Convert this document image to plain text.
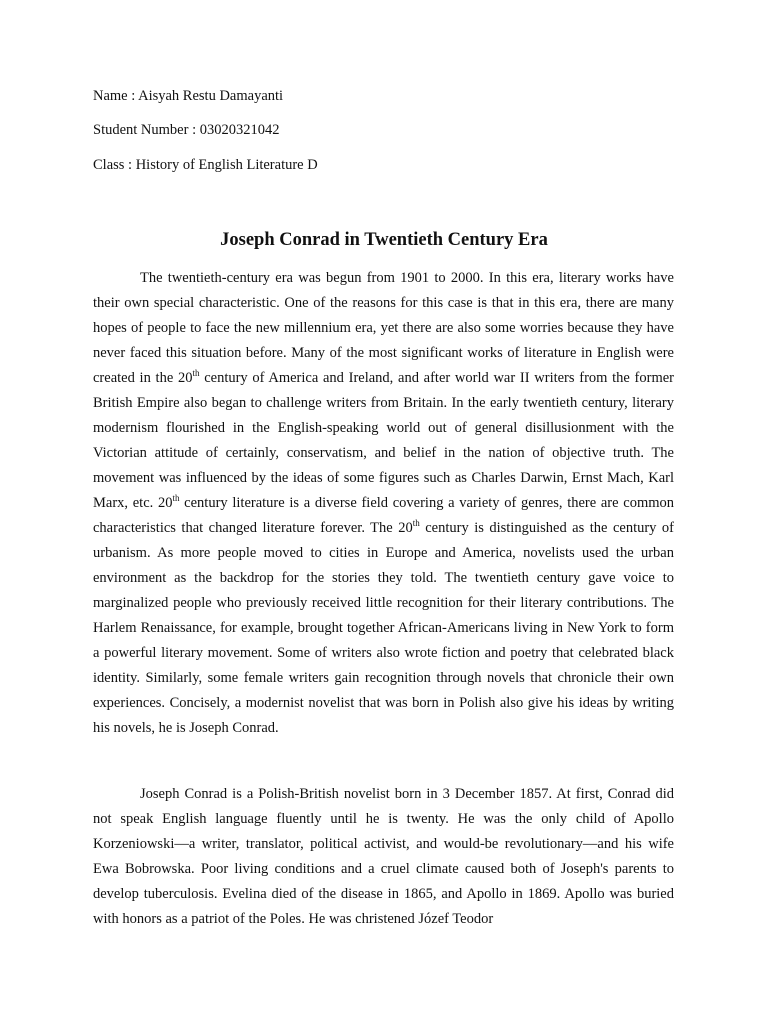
Name : Aisyah Restu Damayanti
Student Number : 03020321042
Class : History of English Literature D
Joseph Conrad in Twentieth Century Era

The twentieth-century era was begun from 1901 to 2000. In this era, literary works have their own special characteristic. One of the reasons for this case is that in this era, there are many hopes of people to face the new millennium era, yet there are also some worries because they have never faced this situation before. Many of the most significant works of literature in English were created in the 20th century of America and Ireland, and after world war II writers from the former British Empire also began to challenge writers from Britain. In the early twentieth century, literary modernism flourished in the English-speaking world out of general disillusionment with the Victorian attitude of certainly, conservatism, and belief in the nation of objective truth. The movement was influenced by the ideas of some figures such as Charles Darwin, Ernst Mach, Karl Marx, etc. 20th century literature is a diverse field covering a variety of genres, there are common characteristics that changed literature forever. The 20th century is distinguished as the century of urbanism. As more people moved to cities in Europe and America, novelists used the urban environment as the backdrop for the stories they told. The twentieth century gave voice to marginalized people who previously received little recognition for their literary contributions. The Harlem Renaissance, for example, brought together African-Americans living in New York to form a powerful literary movement. Some of writers also wrote fiction and poetry that celebrated black identity. Similarly, some female writers gain recognition through novels that chronicle their own experiences. Concisely, a modernist novelist that was born in Polish also give his ideas by writing his novels, he is Joseph Conrad.

Joseph Conrad is a Polish-British novelist born in 3 December 1857. At first, Conrad did not speak English language fluently until he is twenty. He was the only child of Apollo Korzeniowski—a writer, translator, political activist, and would-be revolutionary—and his wife Ewa Bobrowska. Poor living conditions and a cruel climate caused both of Joseph's parents to develop tuberculosis. Evelina died of the disease in 1865, and Apollo in 1869. Apollo was buried with honors as a patriot of the Poles. He was christened Józef Teodor
